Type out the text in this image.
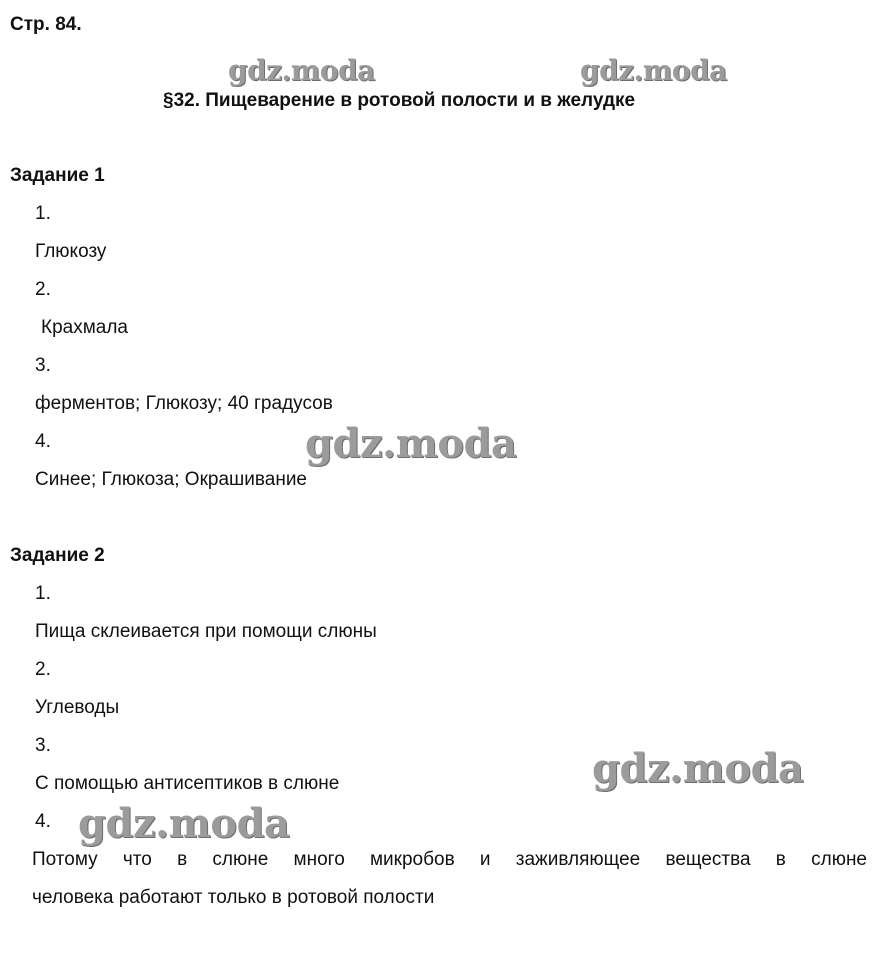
Стр. 84.
§32. Пищеварение в ротовой полости и в желудке
Задание 1
1.
Глюкозу
2.
Крахмала
3.
ферментов; Глюкозу; 40 градусов
4.
Синее; Глюкоза; Окрашивание
Задание 2
1.
Пища склеивается при помощи слюны
2.
Углеводы
3.
С помощью антисептиков в слюне
4.
Потому что в слюне много микробов и заживляющее вещества в слюне
человека работают только в ротовой полости
gdz.moda	gdz.moda
gdz.moda
gdz.moda
gdz.moda
